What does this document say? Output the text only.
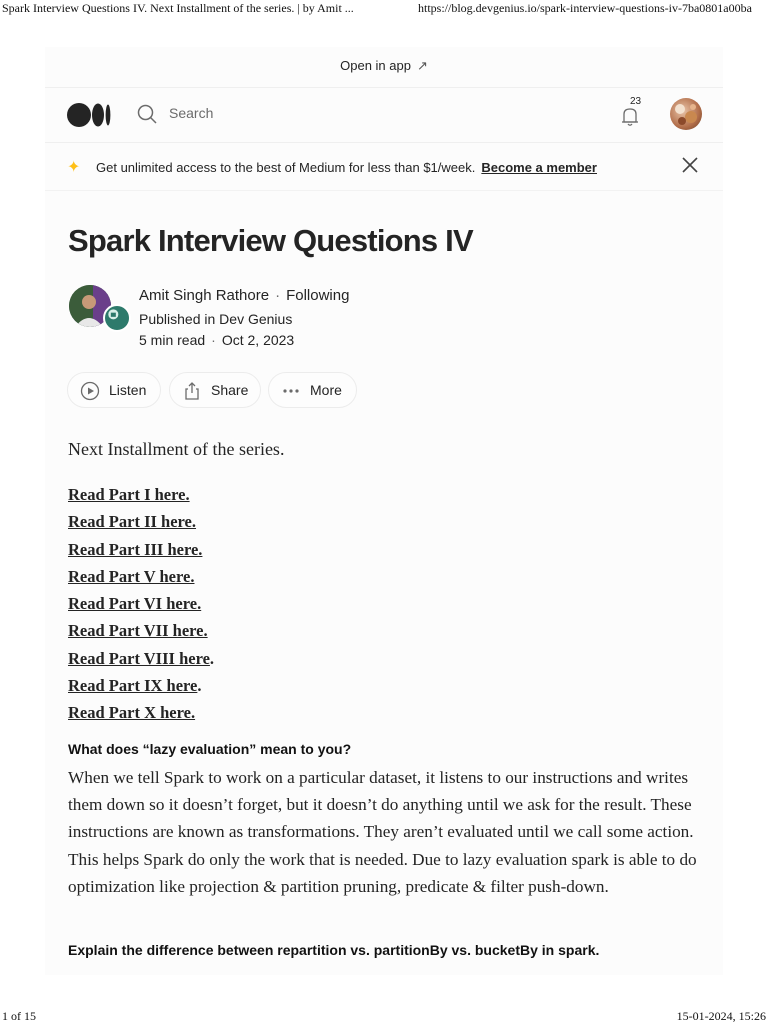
Spark Interview Questions IV. Next Installment of the series. | by Amit ...	https://blog.devgenius.io/spark-interview-questions-iv-7ba0801a00ba
Open in app ↗
Search
23
✦ Get unlimited access to the best of Medium for less than $1/week. Become a member
Spark Interview Questions IV
Amit Singh Rathore · Following
Published in Dev Genius
5 min read · Oct 2, 2023
Listen	Share	More

Next Installment of the series.

Read Part I here.
Read Part II here.
Read Part III here.
Read Part V here.
Read Part VI here.
Read Part VII here.
Read Part VIII here.
Read Part IX here.
Read Part X here.
What does “lazy evaluation” mean to you?

When we tell Spark to work on a particular dataset, it listens to our instructions and writes them down so it doesn’t forget, but it doesn’t do anything until we ask for the result. These instructions are known as transformations. They aren’t evaluated until we call some action. This helps Spark do only the work that is needed. Due to lazy evaluation spark is able to do optimization like projection & partition pruning, predicate & filter push-down.

Explain the difference between repartition vs. partitionBy vs. bucketBy in spark.
1 of 15	15-01-2024, 15:26
